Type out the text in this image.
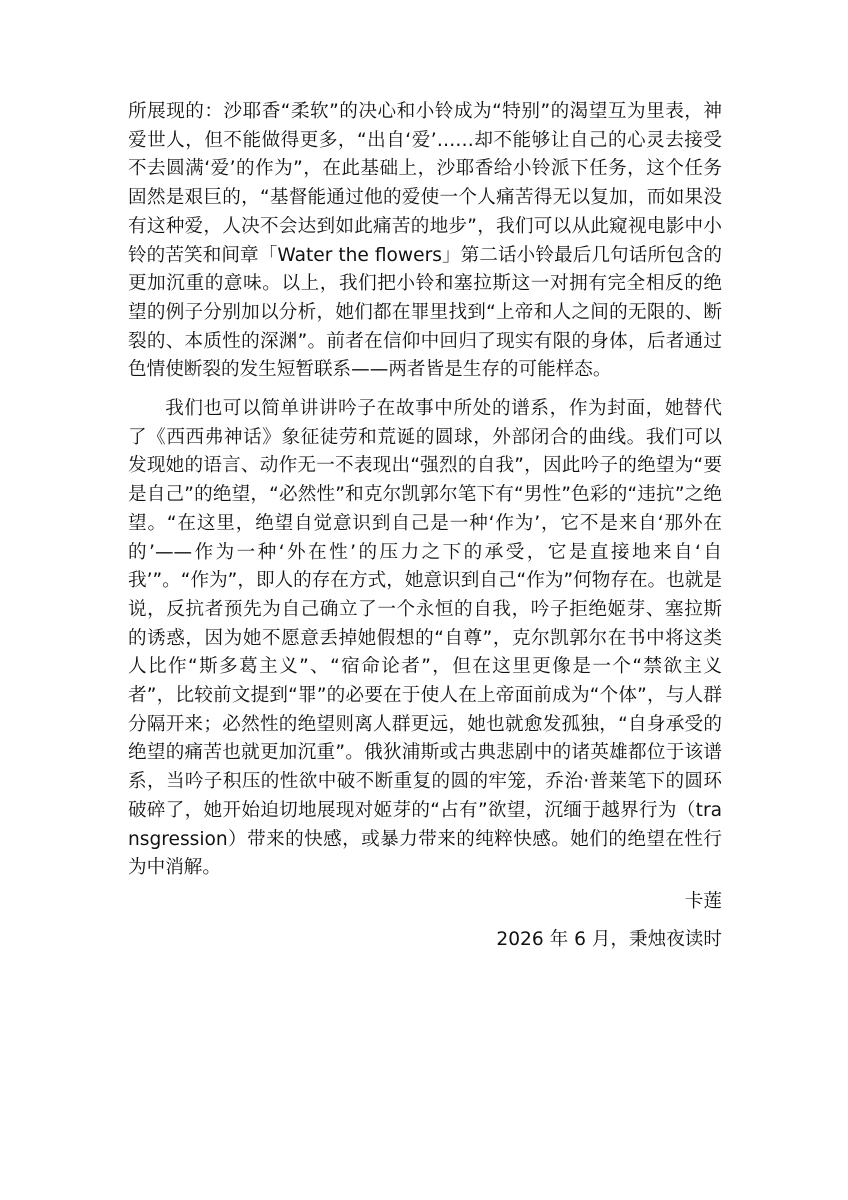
所展现的：沙耶香“柔软”的决心和小铃成为“特别”的渴望互为里表，神爱世人，但不能做得更多，“出自‘爱’……却不能够让自己的心灵去接受不去圆满‘爱’的作为”，在此基础上，沙耶香给小铃派下任务，这个任务固然是艰巨的，“基督能通过他的爱使一个人痛苦得无以复加，而如果没有这种爱，人决不会达到如此痛苦的地步”，我们可以从此窥视电影中小铃的苦笑和间章「Water the flowers」第二话小铃最后几句话所包含的更加沉重的意味。以上，我们把小铃和塞拉斯这一对拥有完全相反的绝望的例子分别加以分析，她们都在罪里找到“上帝和人之间的无限的、断裂的、本质性的深渊”。前者在信仰中回归了现实有限的身体，后者通过色情使断裂的发生短暂联系——两者皆是生存的可能样态。

我们也可以简单讲讲吟子在故事中所处的谱系，作为封面，她替代了《西西弗神话》象征徒劳和荒诞的圆球，外部闭合的曲线。我们可以发现她的语言、动作无一不表现出“强烈的自我”，因此吟子的绝望为“要是自己”的绝望，“必然性”和克尔凯郭尔笔下有“男性”色彩的“违抗”之绝望。“在这里，绝望自觉意识到自己是一种‘作为’，它不是来自‘那外在的’——作为一种‘外在性’的压力之下的承受，它是直接地来自‘自我’”。“作为”，即人的存在方式，她意识到自己“作为”何物存在。也就是说，反抗者预先为自己确立了一个永恒的自我，吟子拒绝姬芽、塞拉斯的诱惑，因为她不愿意丢掉她假想的“自尊”，克尔凯郭尔在书中将这类人比作“斯多葛主义”、“宿命论者”，但在这里更像是一个“禁欲主义者”，比较前文提到“罪”的必要在于使人在上帝面前成为“个体”，与人群分隔开来；必然性的绝望则离人群更远，她也就愈发孤独，“自身承受的绝望的痛苦也就更加沉重”。俄狄浦斯或古典悲剧中的诸英雄都位于该谱系，当吟子积压的性欲中破不断重复的圆的牢笼，乔治·普莱笔下的圆环破碎了，她开始迫切地展现对姬芽的“占有”欲望，沉缅于越界行为（transgression）带来的快感，或暴力带来的纯粹快感。她们的绝望在性行为中消解。

卡莲
2026 年 6 月，秉烛夜读时
